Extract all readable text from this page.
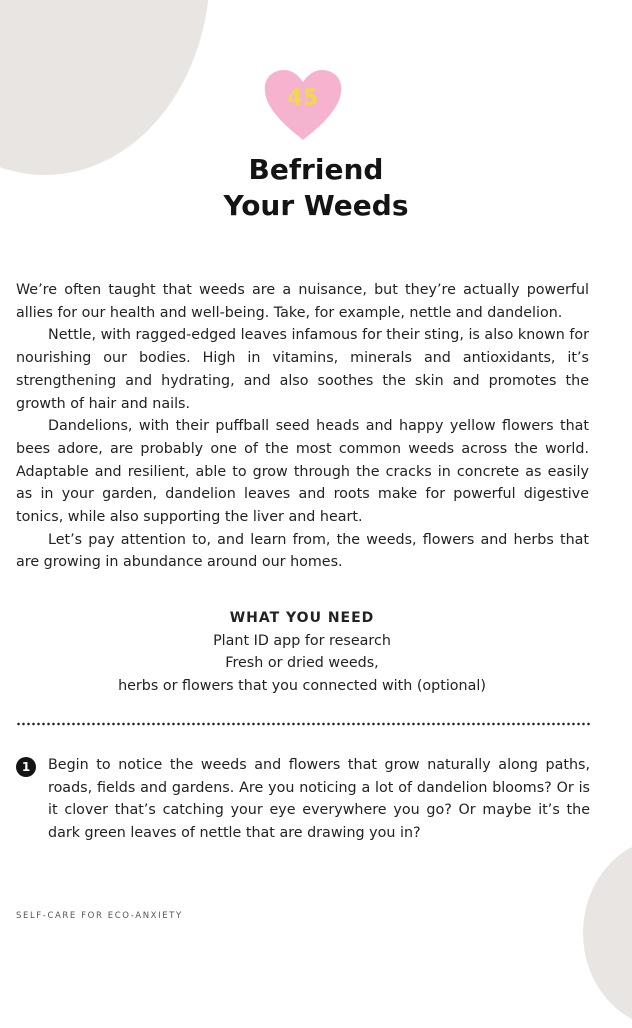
45
Befriend
Your Weeds

We’re often taught that weeds are a nuisance, but they’re actually powerful allies for our health and well-being. Take, for example, nettle and dandelion.

Nettle, with ragged-edged leaves infamous for their sting, is also known for nourishing our bodies. High in vitamins, minerals and antioxidants, it’s strengthening and hydrating, and also soothes the skin and promotes the growth of hair and nails.

Dandelions, with their puffball seed heads and happy yellow flowers that bees adore, are probably one of the most common weeds across the world. Adaptable and resilient, able to grow through the cracks in concrete as easily as in your garden, dandelion leaves and roots make for powerful digestive tonics, while also supporting the liver and heart.

Let’s pay attention to, and learn from, the weeds, flowers and herbs that are growing in abundance around our homes.

WHAT YOU NEED
Plant ID app for research
Fresh or dried weeds,
herbs or flowers that you connected with (optional)
1	Begin to notice the weeds and flowers that grow naturally along paths, roads, fields and gardens. Are you noticing a lot of dandelion blooms? Or is it clover that’s catching your eye everywhere you go? Or maybe it’s the dark green leaves of nettle that are drawing you in?

SELF-CARE FOR ECO-ANXIETY
